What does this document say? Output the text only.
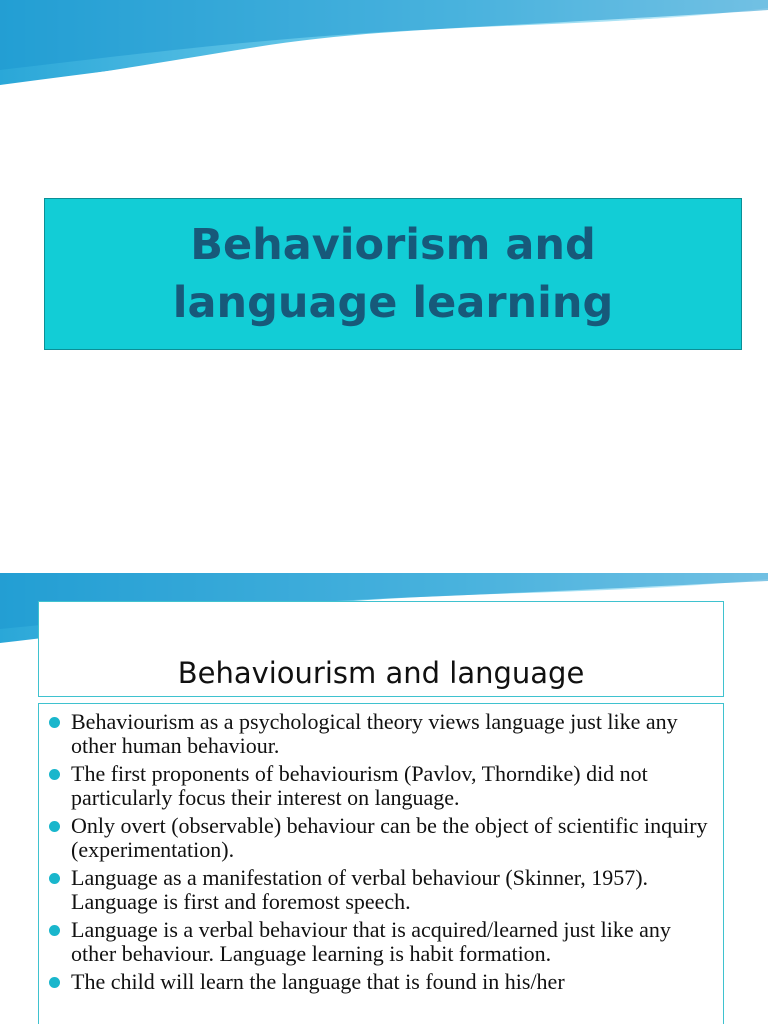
Behaviorism and language learning
Behaviourism and language
Behaviourism as a psychological theory views language just like any other human behaviour.
The first proponents of behaviourism (Pavlov, Thorndike) did not particularly focus their interest on language.
Only overt (observable) behaviour can be the object of scientific inquiry (experimentation).
Language as a manifestation of verbal behaviour (Skinner, 1957). Language is first and foremost speech.
Language is a verbal behaviour that is acquired/learned just like any other behaviour. Language learning is habit formation.
The child will learn the language that is found in his/her
